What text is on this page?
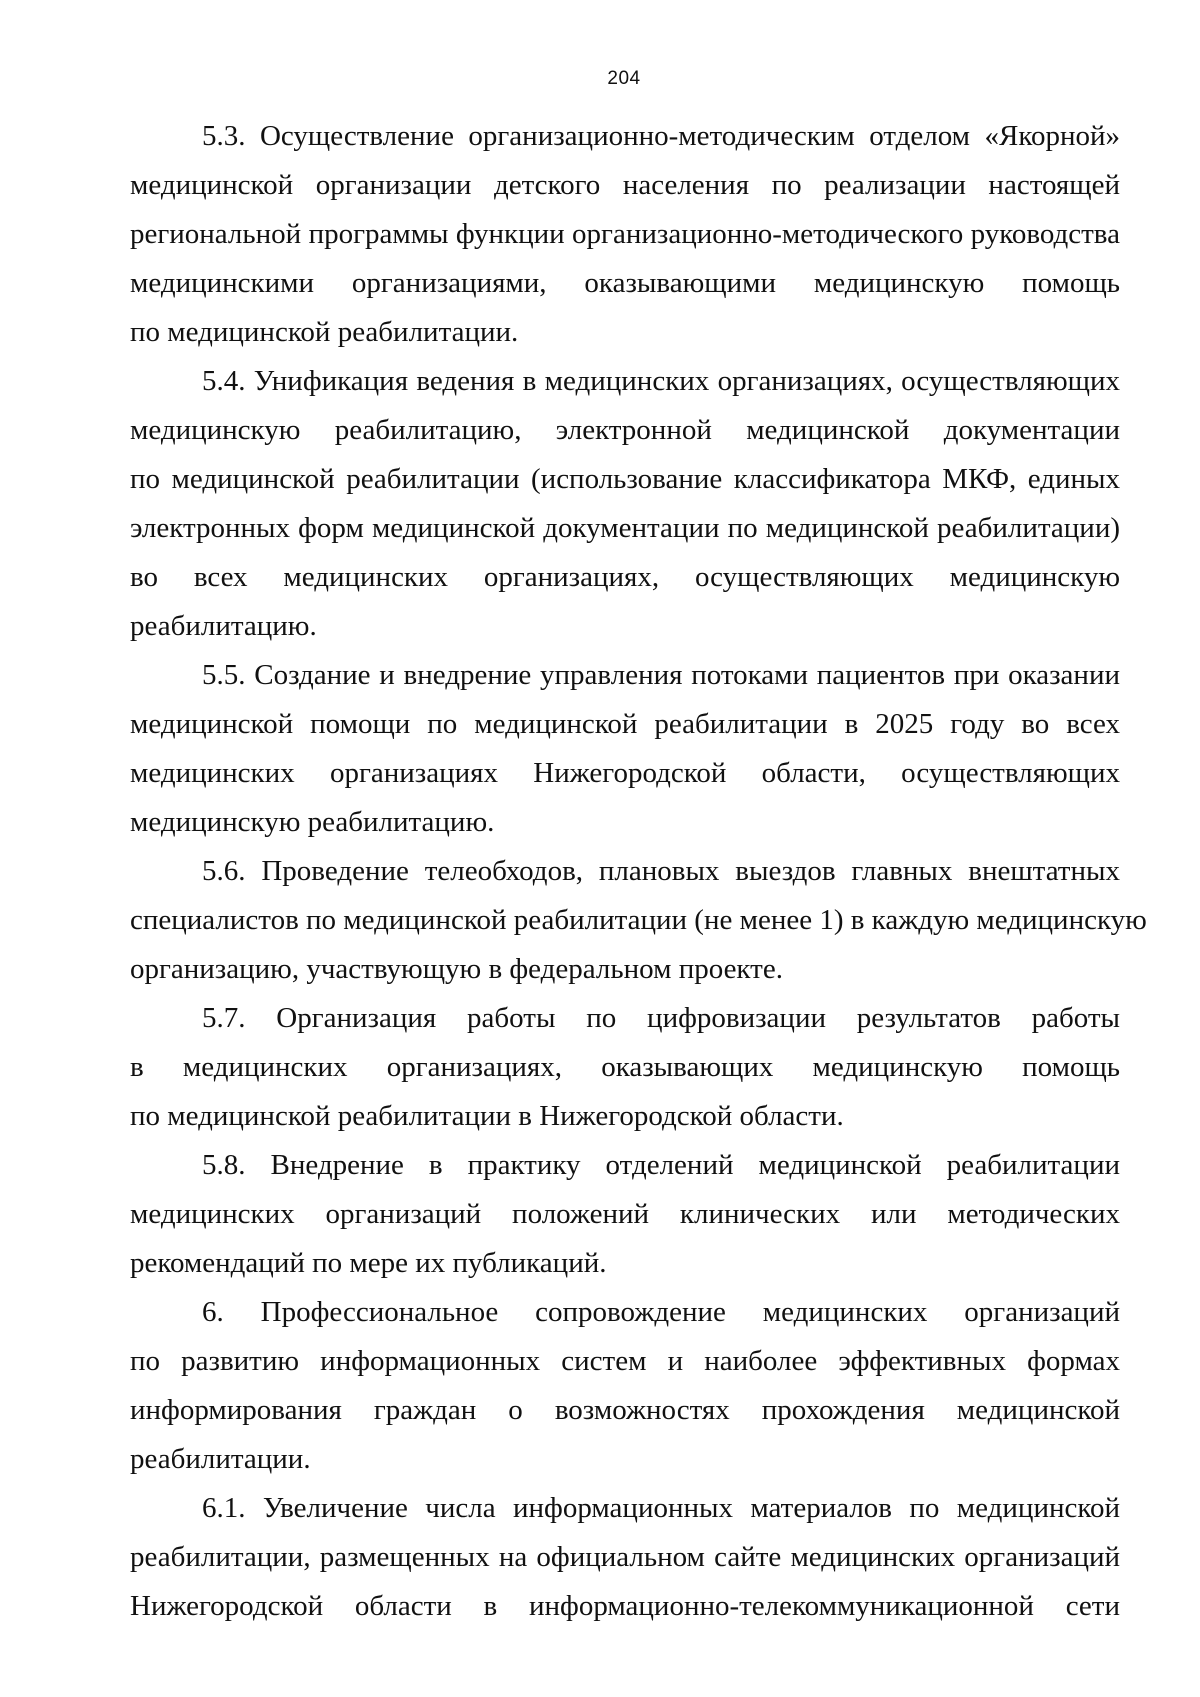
204
5.3. Осуществление организационно-методическим отделом «Якорной»
медицинской организации детского населения по реализации настоящей
региональной программы функции организационно-методического руководства
медицинскими организациями, оказывающими медицинскую помощь
по медицинской реабилитации.
5.4. Унификация ведения в медицинских организациях, осуществляющих
медицинскую реабилитацию, электронной медицинской документации
по медицинской реабилитации (использование классификатора МКФ, единых
электронных форм медицинской документации по медицинской реабилитации)
во всех медицинских организациях, осуществляющих медицинскую
реабилитацию.
5.5. Создание и внедрение управления потоками пациентов при оказании
медицинской помощи по медицинской реабилитации в 2025 году во всех
медицинских организациях Нижегородской области, осуществляющих
медицинскую реабилитацию.
5.6. Проведение телеобходов, плановых выездов главных внештатных
специалистов по медицинской реабилитации (не менее 1) в каждую медицинскую
организацию, участвующую в федеральном проекте.
5.7. Организация работы по цифровизации результатов работы
в медицинских организациях, оказывающих медицинскую помощь
по медицинской реабилитации в Нижегородской области.
5.8. Внедрение в практику отделений медицинской реабилитации
медицинских организаций положений клинических или методических
рекомендаций по мере их публикаций.
6. Профессиональное сопровождение медицинских организаций
по развитию информационных систем и наиболее эффективных формах
информирования граждан о возможностях прохождения медицинской
реабилитации.
6.1. Увеличение числа информационных материалов по медицинской
реабилитации, размещенных на официальном сайте медицинских организаций
Нижегородской области в информационно-телекоммуникационной сети
